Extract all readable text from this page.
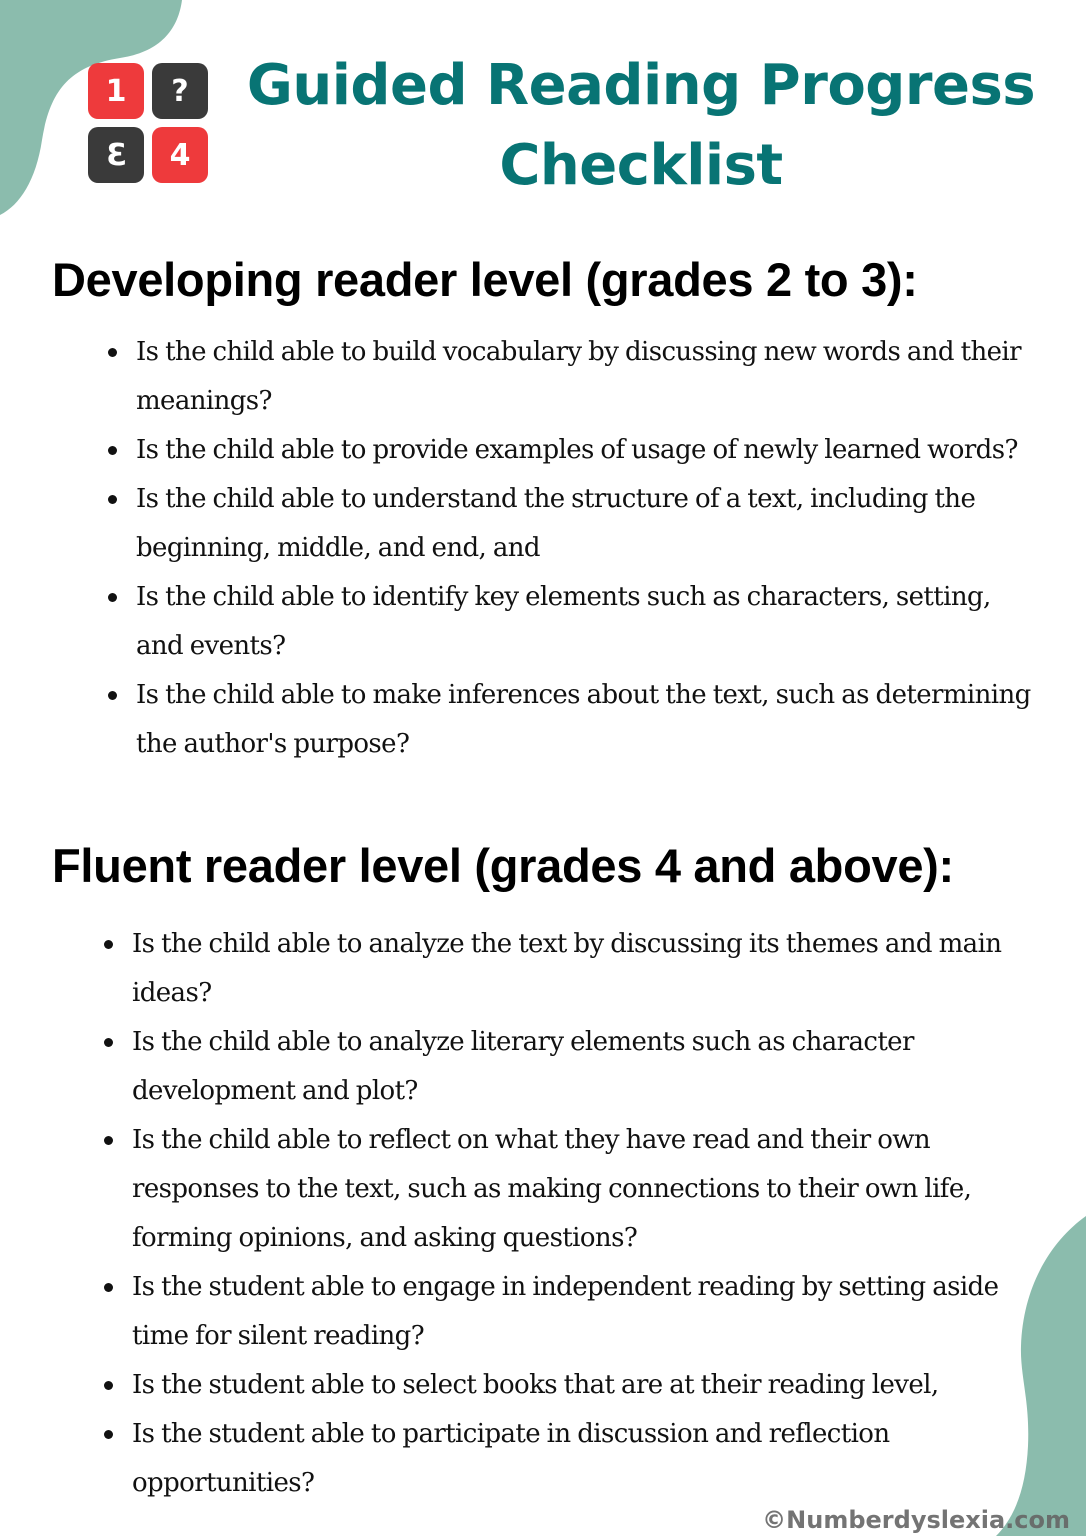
1 ?
3 4
Guided Reading Progress
Checklist
Developing reader level (grades 2 to 3):
Is the child able to build vocabulary by discussing new words and their meanings?
Is the child able to provide examples of usage of newly learned words?
Is the child able to understand the structure of a text, including the beginning, middle, and end, and
Is the child able to identify key elements such as characters, setting, and events?
Is the child able to make inferences about the text, such as determining the author's purpose?
Fluent reader level (grades 4 and above):
Is the child able to analyze the text by discussing its themes and main ideas?
Is the child able to analyze literary elements such as character development and plot?
Is the child able to reflect on what they have read and their own responses to the text, such as making connections to their own life, forming opinions, and asking questions?
Is the student able to engage in independent reading by setting aside time for silent reading?
Is the student able to select books that are at their reading level,
Is the student able to participate in discussion and reflection opportunities?
©Numberdyslexia.com
